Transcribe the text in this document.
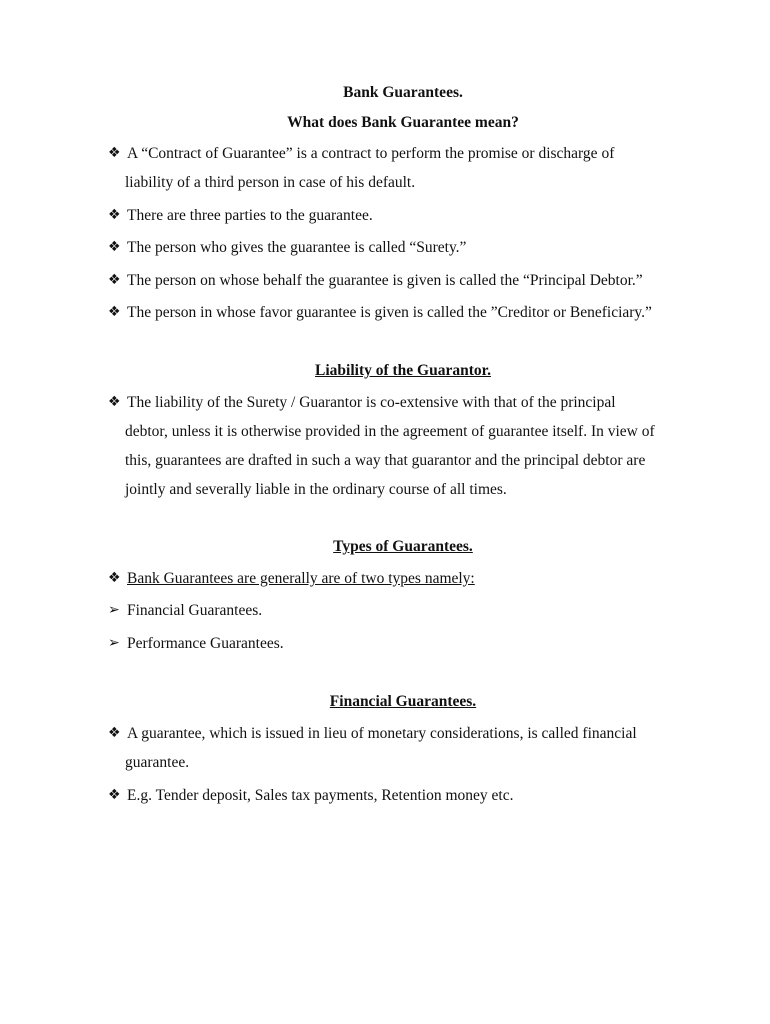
Bank Guarantees.
What does Bank Guarantee mean?
❖ A “Contract of Guarantee” is a contract to perform the promise or discharge of
liability of a third person in case of his default.
❖ There are three parties to the guarantee.
❖ The person who gives the guarantee is called “Surety.”
❖ The person on whose behalf the guarantee is given is called the “Principal Debtor.”
❖ The person in whose favor guarantee is given is called the ”Creditor or Beneficiary.”
Liability of the Guarantor.
❖ The liability of the Surety / Guarantor is co-extensive with that of the principal
debtor, unless it is otherwise provided in the agreement of guarantee itself. In view of
this, guarantees are drafted in such a way that guarantor and the principal debtor are
jointly and severally liable in the ordinary course of all times.
Types of Guarantees.
❖ Bank Guarantees are generally are of two types namely:
➢ Financial Guarantees.
➢ Performance Guarantees.
Financial Guarantees.
❖ A guarantee, which is issued in lieu of monetary considerations, is called financial
guarantee.
❖ E.g. Tender deposit, Sales tax payments, Retention money etc.
